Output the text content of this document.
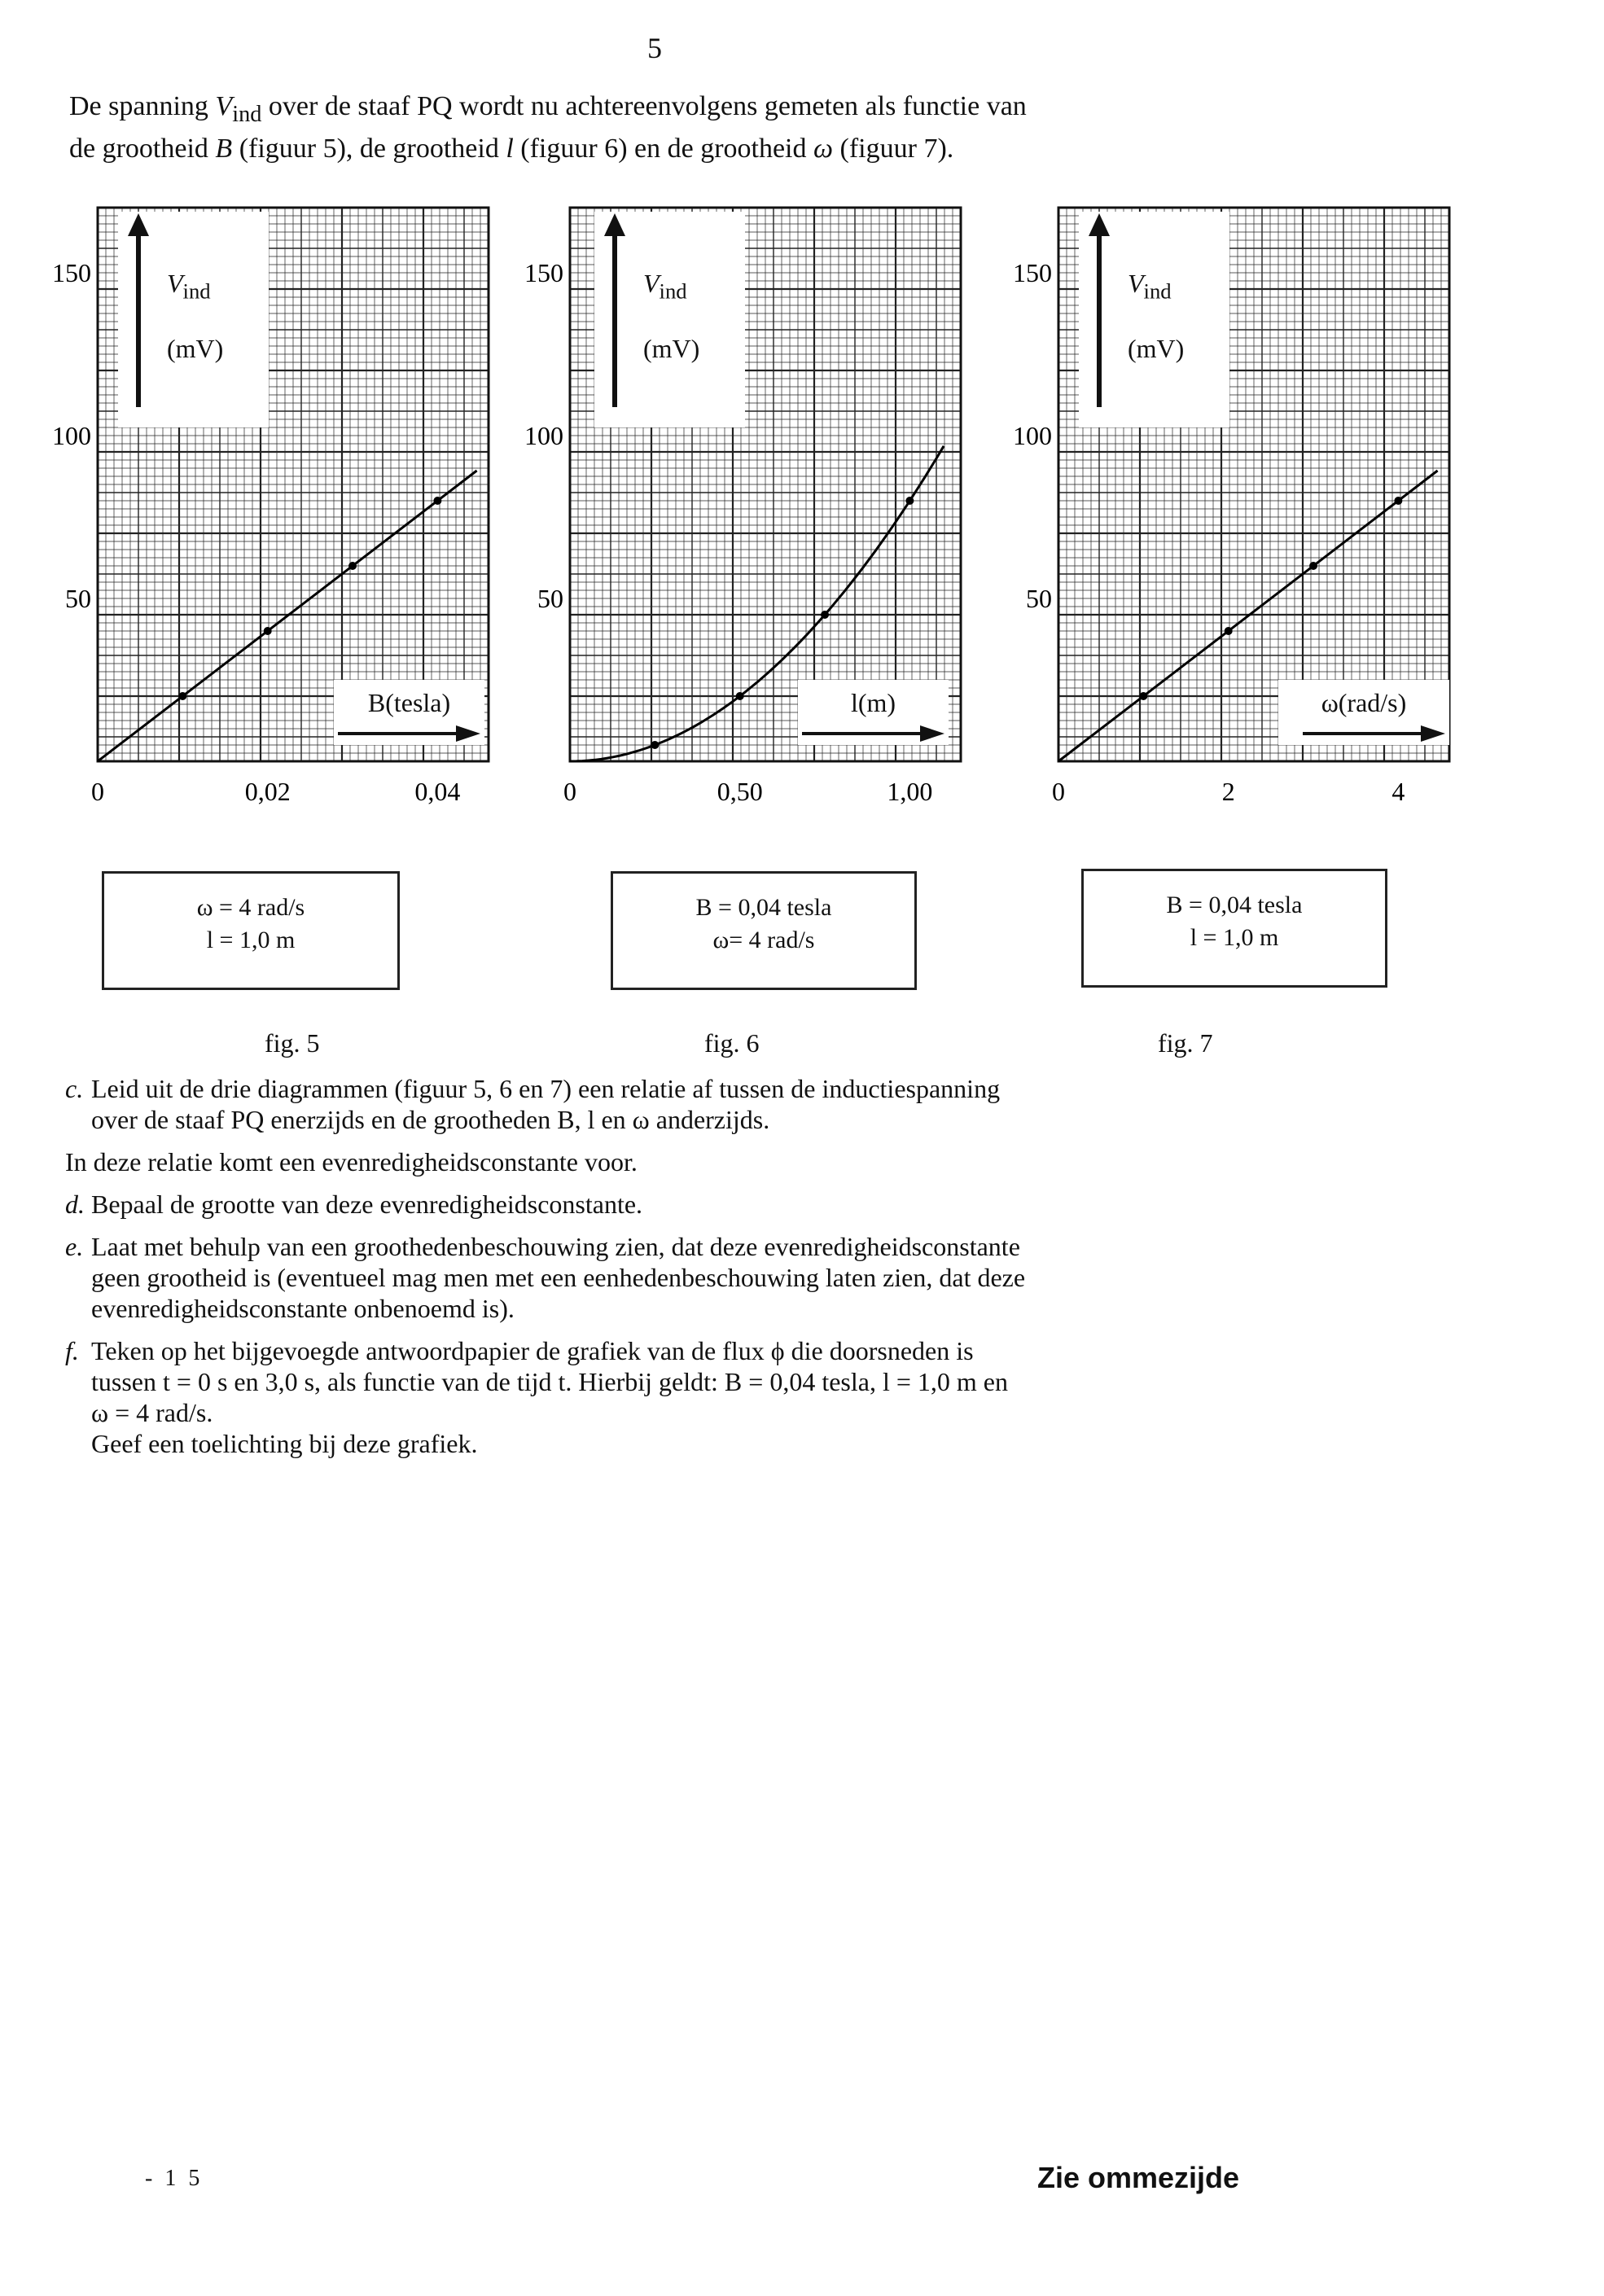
5

De spanning $V_{ind}$ over de staaf PQ wordt nu achtereenvolgens gemeten als functie van
de grootheid B (figuur 5), de grootheid l (figuur 6) en de grootheid ω (figuur 7).

50
100
150
0	0,02	0,04
$V_{ind}$
(mV)
B(tesla)
ω = 4 rad/s
l = 1,0 m
fig. 5
50
100
150
0	0,50	1,00
$V_{ind}$
(mV)
l(m)
B = 0,04 tesla
ω= 4 rad/s
fig. 6
50
100
150
0	2	4
$V_{ind}$
(mV)
ω(rad/s)
B = 0,04 tesla
l = 1,0 m
fig. 7
c. Leid uit de drie diagrammen (figuur 5, 6 en 7) een relatie af tussen de inductiespanning
over de staaf PQ enerzijds en de grootheden B, l en ω anderzijds.
In deze relatie komt een evenredigheidsconstante voor.
d. Bepaal de grootte van deze evenredigheidsconstante.
e. Laat met behulp van een groothedenbeschouwing zien, dat deze evenredigheidsconstante
geen grootheid is (eventueel mag men met een eenhedenbeschouwing laten zien, dat deze
evenredigheidsconstante onbenoemd is).
f. Teken op het bijgevoegde antwoordpapier de grafiek van de flux ϕ die doorsneden is
tussen t = 0 s en 3,0 s, als functie van de tijd t. Hierbij geldt: B = 0,04 tesla, l = 1,0 m en
ω = 4 rad/s.
Geef een toelichting bij deze grafiek.
- 1 5	Zie ommezijde
